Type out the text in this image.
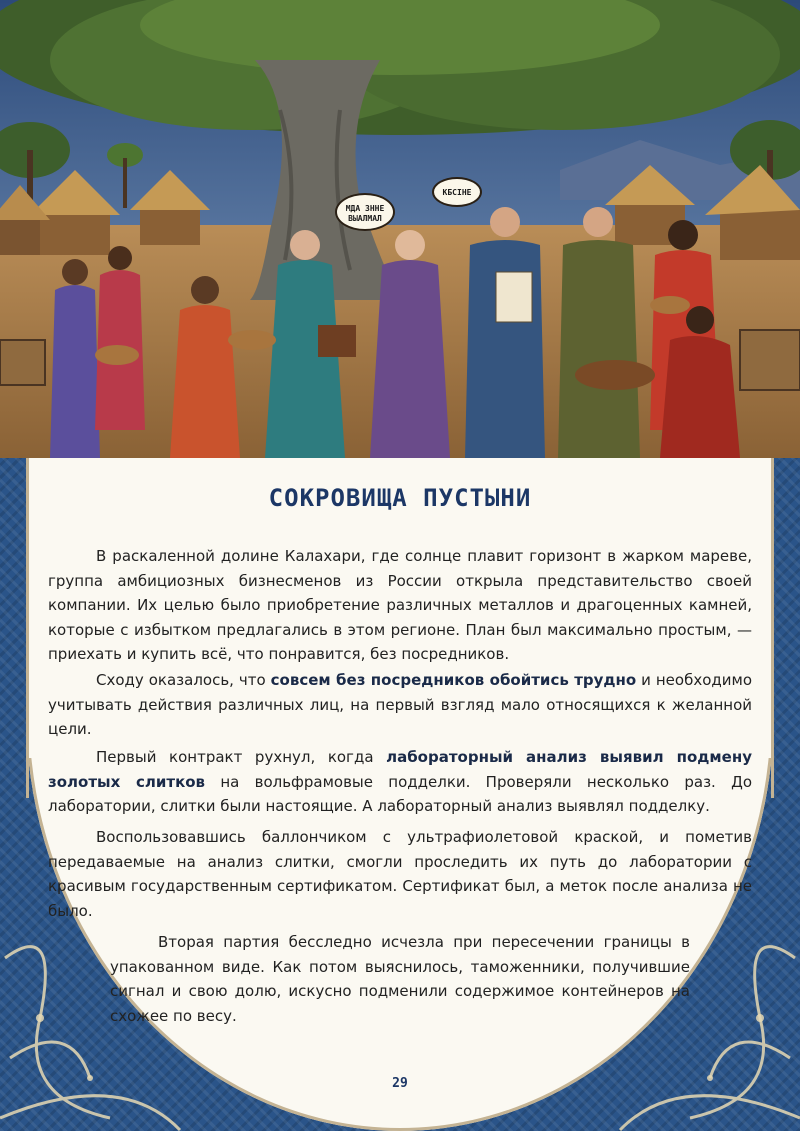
МДА ЗННЕ ВЫАЛМАЛ
КБСІНЕ
СОКРОВИЩА ПУСТЫНИ

В раскаленной долине Калахари, где солнце плавит горизонт в жарком мареве, группа амбициозных бизнесменов из России открыла представительство своей компании. Их целью было приобретение различных металлов и драгоценных камней, которые с избытком предлагались в этом регионе. План был максимально простым, — приехать и купить всё, что понравится, без посредников.

Сходу оказалось, что совсем без посредников обойтись трудно и необходимо учитывать действия различных лиц, на первый взгляд мало относящихся к желанной цели.

Первый контракт рухнул, когда лабораторный анализ выявил подмену золотых слитков на вольфрамовые подделки. Проверяли несколько раз. До лаборатории, слитки были настоящие. А лабораторный анализ выявлял подделку.

Воспользовавшись баллончиком с ультрафиолетовой краской, и пометив передаваемые на анализ слитки, смогли проследить их путь до лаборатории с красивым государственным сертификатом. Сертификат был, а меток после анализа не было.

Вторая партия бесследно исчезла при пересечении границы в упакованном виде. Как потом выяснилось, таможенники, получившие сигнал и свою долю, искусно подменили содержимое контейнеров на схожее по весу.

29
